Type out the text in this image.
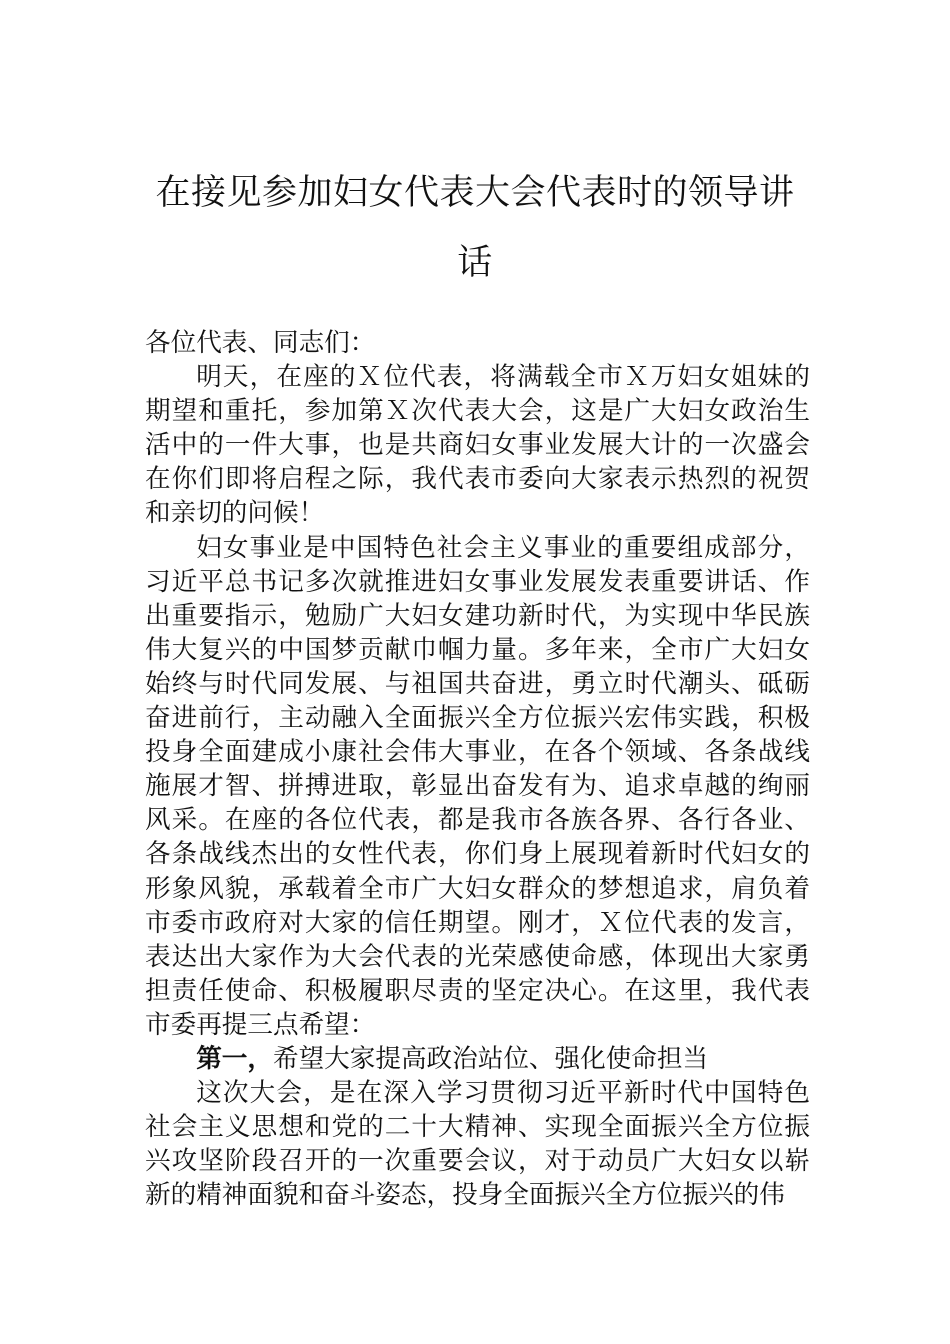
在接见参加妇女代表大会代表时的领导讲话

各位代表、同志们：

明天，在座的Ｘ位代表，将满载全市Ｘ万妇女姐妹的期望和重托，参加第Ｘ次代表大会，这是广大妇女政治生活中的一件大事，也是共商妇女事业发展大计的一次盛会在你们即将启程之际，我代表市委向大家表示热烈的祝贺和亲切的问候！

妇女事业是中国特色社会主义事业的重要组成部分，习近平总书记多次就推进妇女事业发展发表重要讲话、作出重要指示，勉励广大妇女建功新时代，为实现中华民族伟大复兴的中国梦贡献巾帼力量。多年来，全市广大妇女始终与时代同发展、与祖国共奋进，勇立时代潮头、砥砺奋进前行，主动融入全面振兴全方位振兴宏伟实践，积极投身全面建成小康社会伟大事业，在各个领域、各条战线施展才智、拼搏进取，彰显出奋发有为、追求卓越的绚丽风采。在座的各位代表，都是我市各族各界、各行各业、各条战线杰出的女性代表，你们身上展现着新时代妇女的形象风貌，承载着全市广大妇女群众的梦想追求，肩负着市委市政府对大家的信任期望。刚才，Ｘ位代表的发言，表达出大家作为大会代表的光荣感使命感，体现出大家勇担责任使命、积极履职尽责的坚定决心。在这里，我代表市委再提三点希望：

第一，希望大家提高政治站位、强化使命担当

这次大会，是在深入学习贯彻习近平新时代中国特色社会主义思想和党的二十大精神、实现全面振兴全方位振兴攻坚阶段召开的一次重要会议，对于动员广大妇女以崭新的精神面貌和奋斗姿态，投身全面振兴全方位振兴的伟
